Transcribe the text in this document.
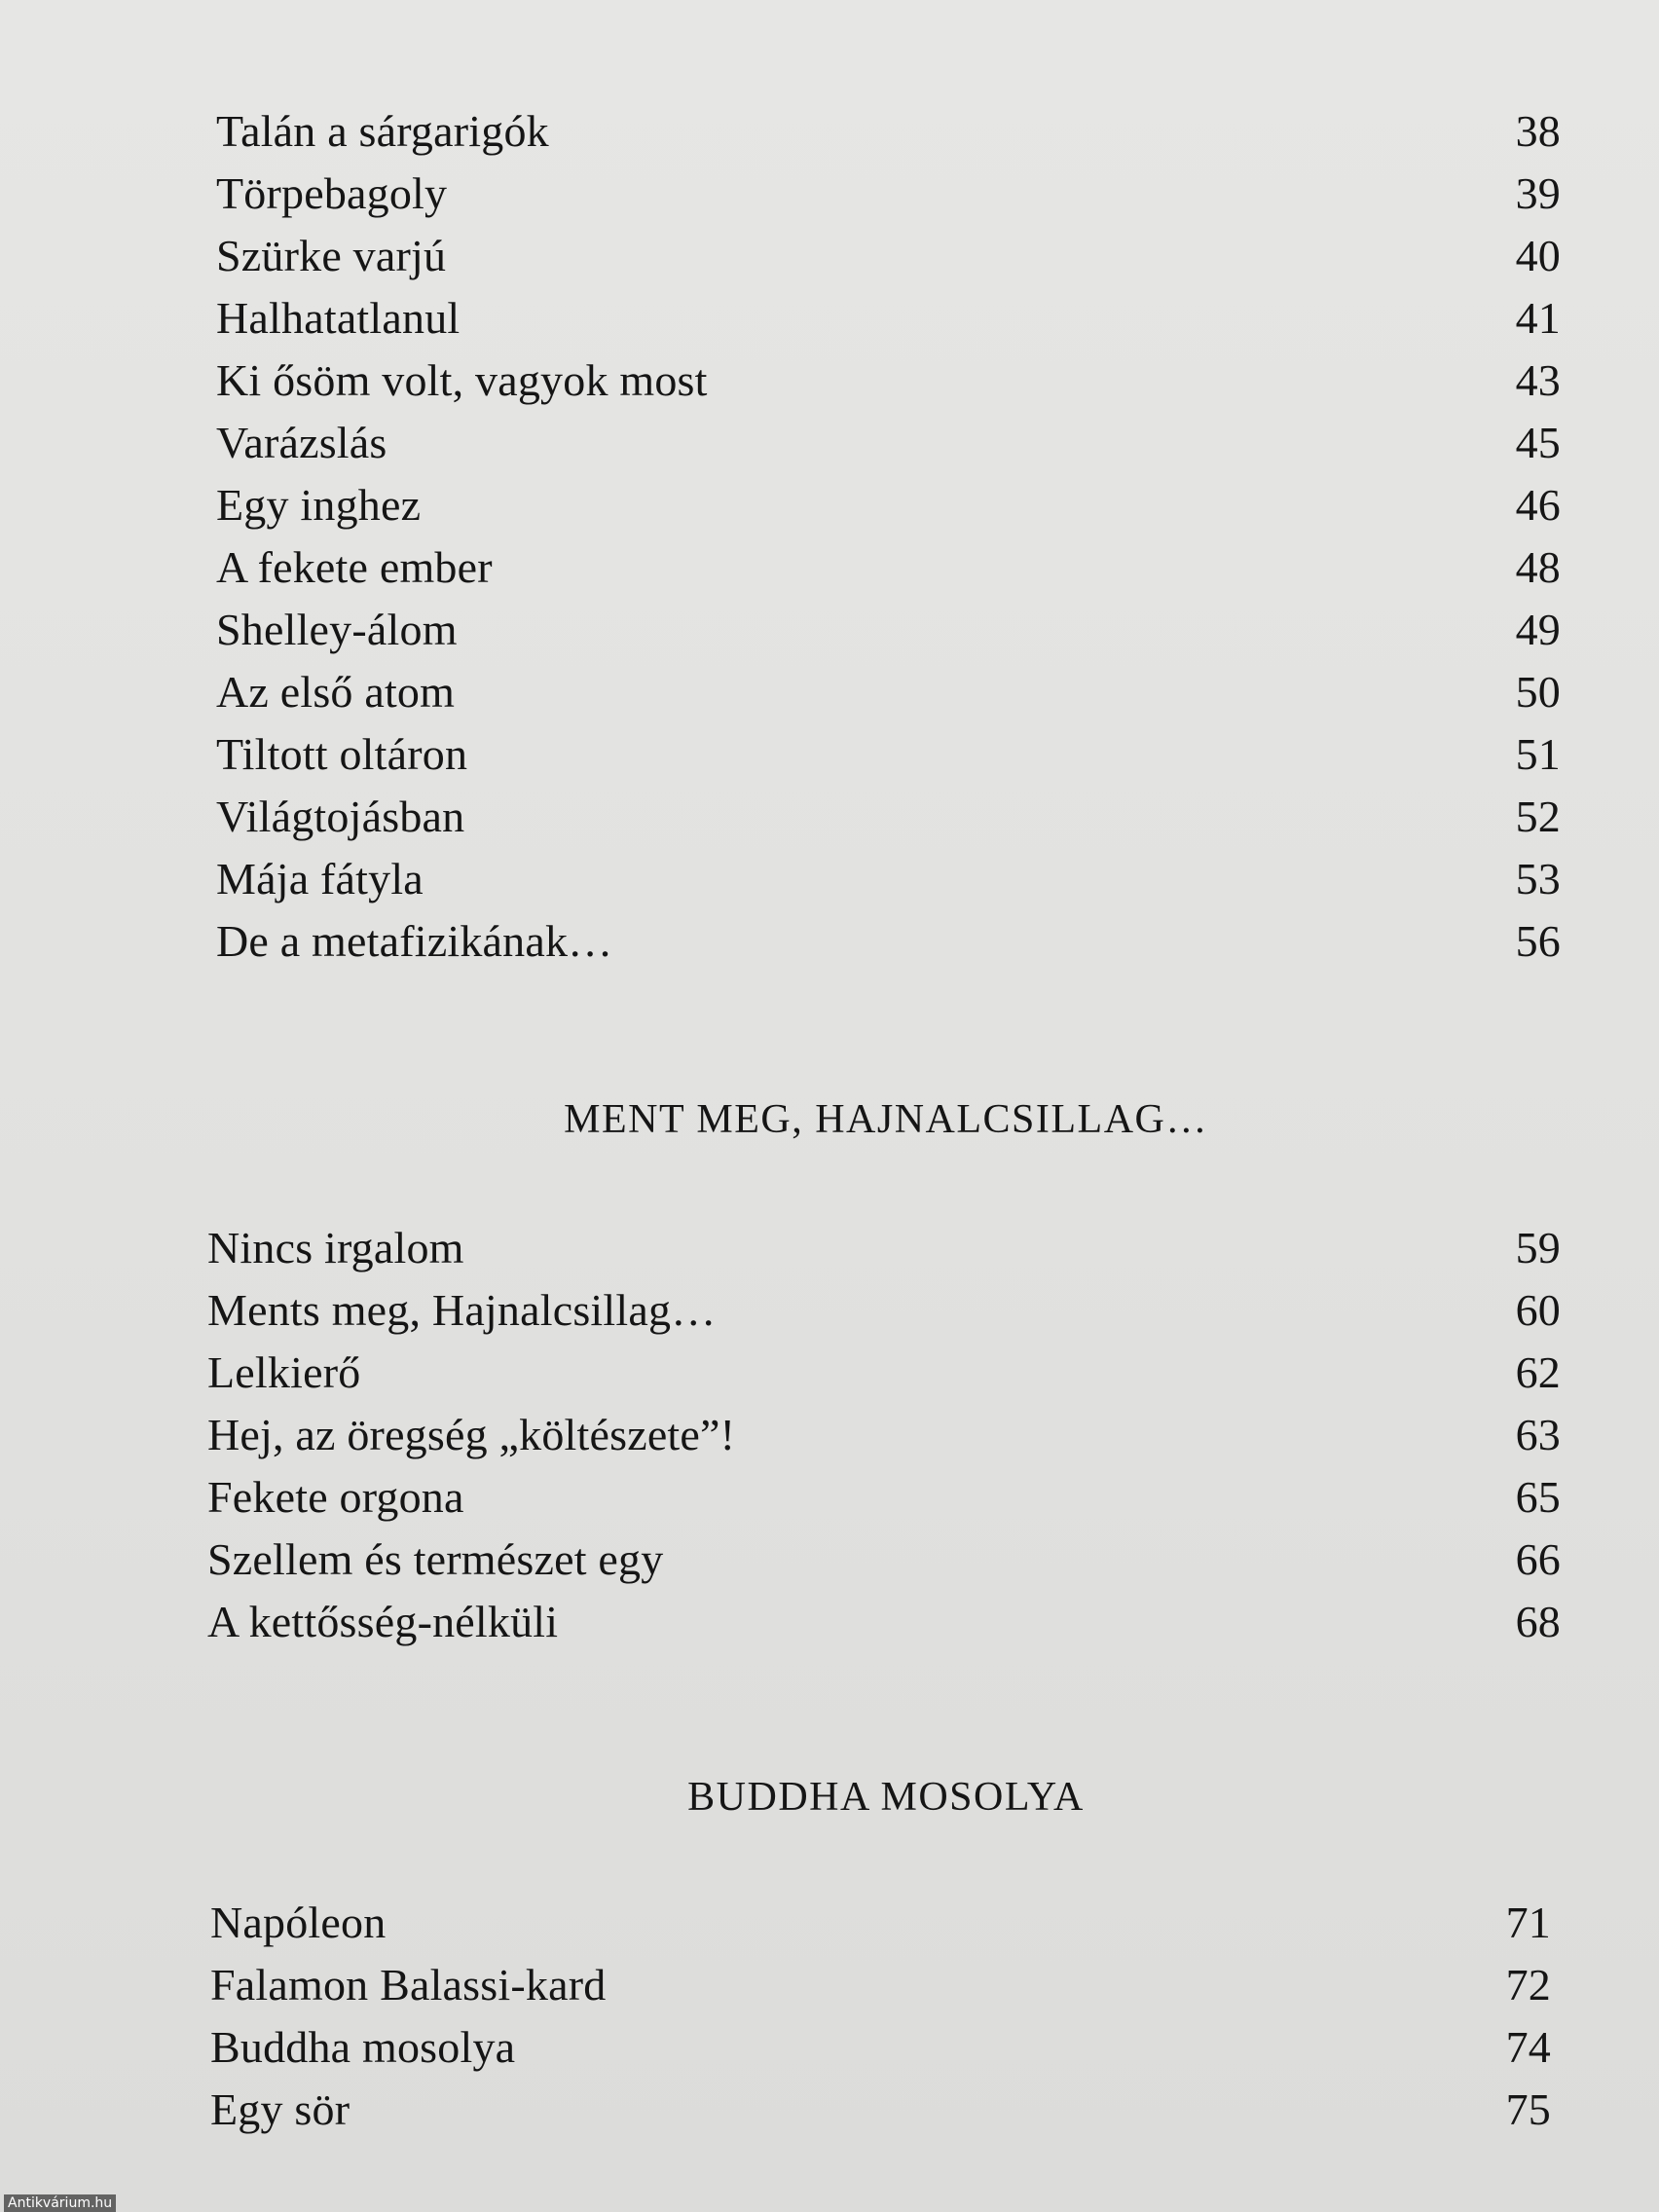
Talán a sárgarigók	38
Törpebagoly	39
Szürke varjú	40
Halhatatlanul	41
Ki ősöm volt, vagyok most	43
Varázslás	45
Egy inghez	46
A fekete ember	48
Shelley-álom	49
Az első atom	50
Tiltott oltáron	51
Világtojásban	52
Mája fátyla	53
De a metafizikának…	56
MENT MEG, HAJNALCSILLAG…
Nincs irgalom	59
Ments meg, Hajnalcsillag…	60
Lelkierő	62
Hej, az öregség „költészete”!	63
Fekete orgona	65
Szellem és természet egy	66
A kettősség-nélküli	68
BUDDHA MOSOLYA
Napóleon	71
Falamon Balassi-kard	72
Buddha mosolya	74
Egy sör	75
Antikvárium.hu
